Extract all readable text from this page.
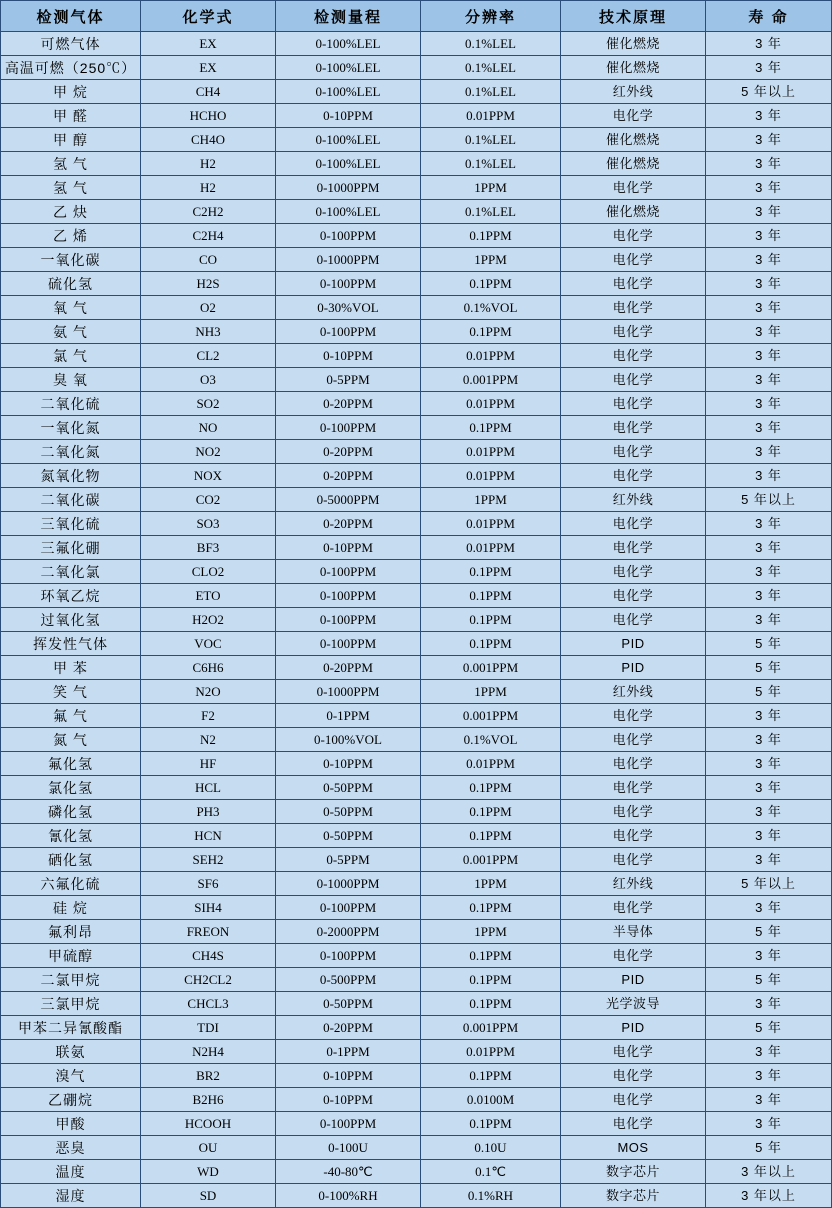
检测气体	化学式	检测量程	分辨率	技术原理	寿 命
可燃气体	EX	0-100%LEL	0.1%LEL	催化燃烧	3 年
高温可燃（250℃）	EX	0-100%LEL	0.1%LEL	催化燃烧	3 年
甲 烷	CH4	0-100%LEL	0.1%LEL	红外线	5 年以上
甲 醛	HCHO	0-10PPM	0.01PPM	电化学	3 年
甲 醇	CH4O	0-100%LEL	0.1%LEL	催化燃烧	3 年
氢 气	H2	0-100%LEL	0.1%LEL	催化燃烧	3 年
氢 气	H2	0-1000PPM	1PPM	电化学	3 年
乙 炔	C2H2	0-100%LEL	0.1%LEL	催化燃烧	3 年
乙 烯	C2H4	0-100PPM	0.1PPM	电化学	3 年
一氧化碳	CO	0-1000PPM	1PPM	电化学	3 年
硫化氢	H2S	0-100PPM	0.1PPM	电化学	3 年
氧 气	O2	0-30%VOL	0.1%VOL	电化学	3 年
氨 气	NH3	0-100PPM	0.1PPM	电化学	3 年
氯 气	CL2	0-10PPM	0.01PPM	电化学	3 年
臭 氧	O3	0-5PPM	0.001PPM	电化学	3 年
二氧化硫	SO2	0-20PPM	0.01PPM	电化学	3 年
一氧化氮	NO	0-100PPM	0.1PPM	电化学	3 年
二氧化氮	NO2	0-20PPM	0.01PPM	电化学	3 年
氮氧化物	NOX	0-20PPM	0.01PPM	电化学	3 年
二氧化碳	CO2	0-5000PPM	1PPM	红外线	5 年以上
三氧化硫	SO3	0-20PPM	0.01PPM	电化学	3 年
三氟化硼	BF3	0-10PPM	0.01PPM	电化学	3 年
二氧化氯	CLO2	0-100PPM	0.1PPM	电化学	3 年
环氧乙烷	ETO	0-100PPM	0.1PPM	电化学	3 年
过氧化氢	H2O2	0-100PPM	0.1PPM	电化学	3 年
挥发性气体	VOC	0-100PPM	0.1PPM	PID	5 年
甲 苯	C6H6	0-20PPM	0.001PPM	PID	5 年
笑 气	N2O	0-1000PPM	1PPM	红外线	5 年
氟 气	F2	0-1PPM	0.001PPM	电化学	3 年
氮 气	N2	0-100%VOL	0.1%VOL	电化学	3 年
氟化氢	HF	0-10PPM	0.01PPM	电化学	3 年
氯化氢	HCL	0-50PPM	0.1PPM	电化学	3 年
磷化氢	PH3	0-50PPM	0.1PPM	电化学	3 年
氰化氢	HCN	0-50PPM	0.1PPM	电化学	3 年
硒化氢	SEH2	0-5PPM	0.001PPM	电化学	3 年
六氟化硫	SF6	0-1000PPM	1PPM	红外线	5 年以上
硅 烷	SIH4	0-100PPM	0.1PPM	电化学	3 年
氟利昂	FREON	0-2000PPM	1PPM	半导体	5 年
甲硫醇	CH4S	0-100PPM	0.1PPM	电化学	3 年
二氯甲烷	CH2CL2	0-500PPM	0.1PPM	PID	5 年
三氯甲烷	CHCL3	0-50PPM	0.1PPM	光学波导	3 年
甲苯二异氰酸酯	TDI	0-20PPM	0.001PPM	PID	5 年
联氨	N2H4	0-1PPM	0.01PPM	电化学	3 年
溴气	BR2	0-10PPM	0.1PPM	电化学	3 年
乙硼烷	B2H6	0-10PPM	0.0100M	电化学	3 年
甲酸	HCOOH	0-100PPM	0.1PPM	电化学	3 年
恶臭	OU	0-100U	0.10U	MOS	5 年
温度	WD	-40-80℃	0.1℃	数字芯片	3 年以上
湿度	SD	0-100%RH	0.1%RH	数字芯片	3 年以上
